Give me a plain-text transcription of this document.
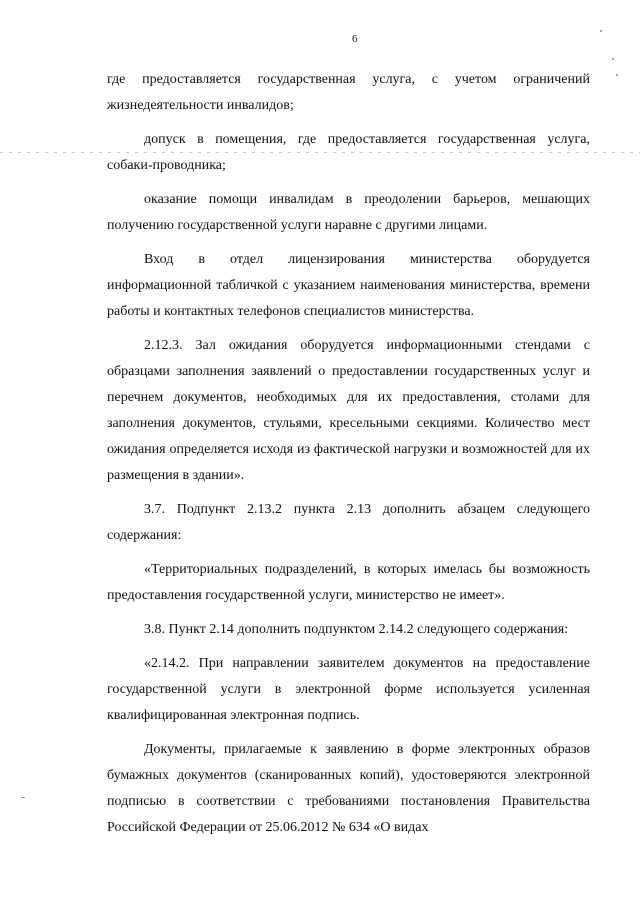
6

где предоставляется государственная услуга, с учетом ограничений жизнедеятельности инвалидов;

допуск в помещения, где предоставляется государственная услуга, собаки-проводника;

оказание помощи инвалидам в преодолении барьеров, мешающих получению государственной услуги наравне с другими лицами.

Вход в отдел лицензирования министерства оборудуется информационной табличкой с указанием наименования министерства, времени работы и контактных телефонов специалистов министерства.

2.12.3. Зал ожидания оборудуется информационными стендами с образцами заполнения заявлений о предоставлении государственных услуг и перечнем документов, необходимых для их предоставления, столами для заполнения документов, стульями, кресельными секциями. Количество мест ожидания определяется исходя из фактической нагрузки и возможностей для их размещения в здании».

3.7. Подпункт 2.13.2 пункта 2.13 дополнить абзацем следующего содержания:

«Территориальных подразделений, в которых имелась бы возможность предоставления государственной услуги, министерство не имеет».

3.8. Пункт 2.14 дополнить подпунктом 2.14.2 следующего содержания:

«2.14.2. При направлении заявителем документов на предоставление государственной услуги в электронной форме используется усиленная квалифицированная электронная подпись.

Документы, прилагаемые к заявлению в форме электронных образов бумажных документов (сканированных копий), удостоверяются электронной подписью в соответствии с требованиями постановления Правительства Российской Федерации от 25.06.2012 № 634 «О видах
